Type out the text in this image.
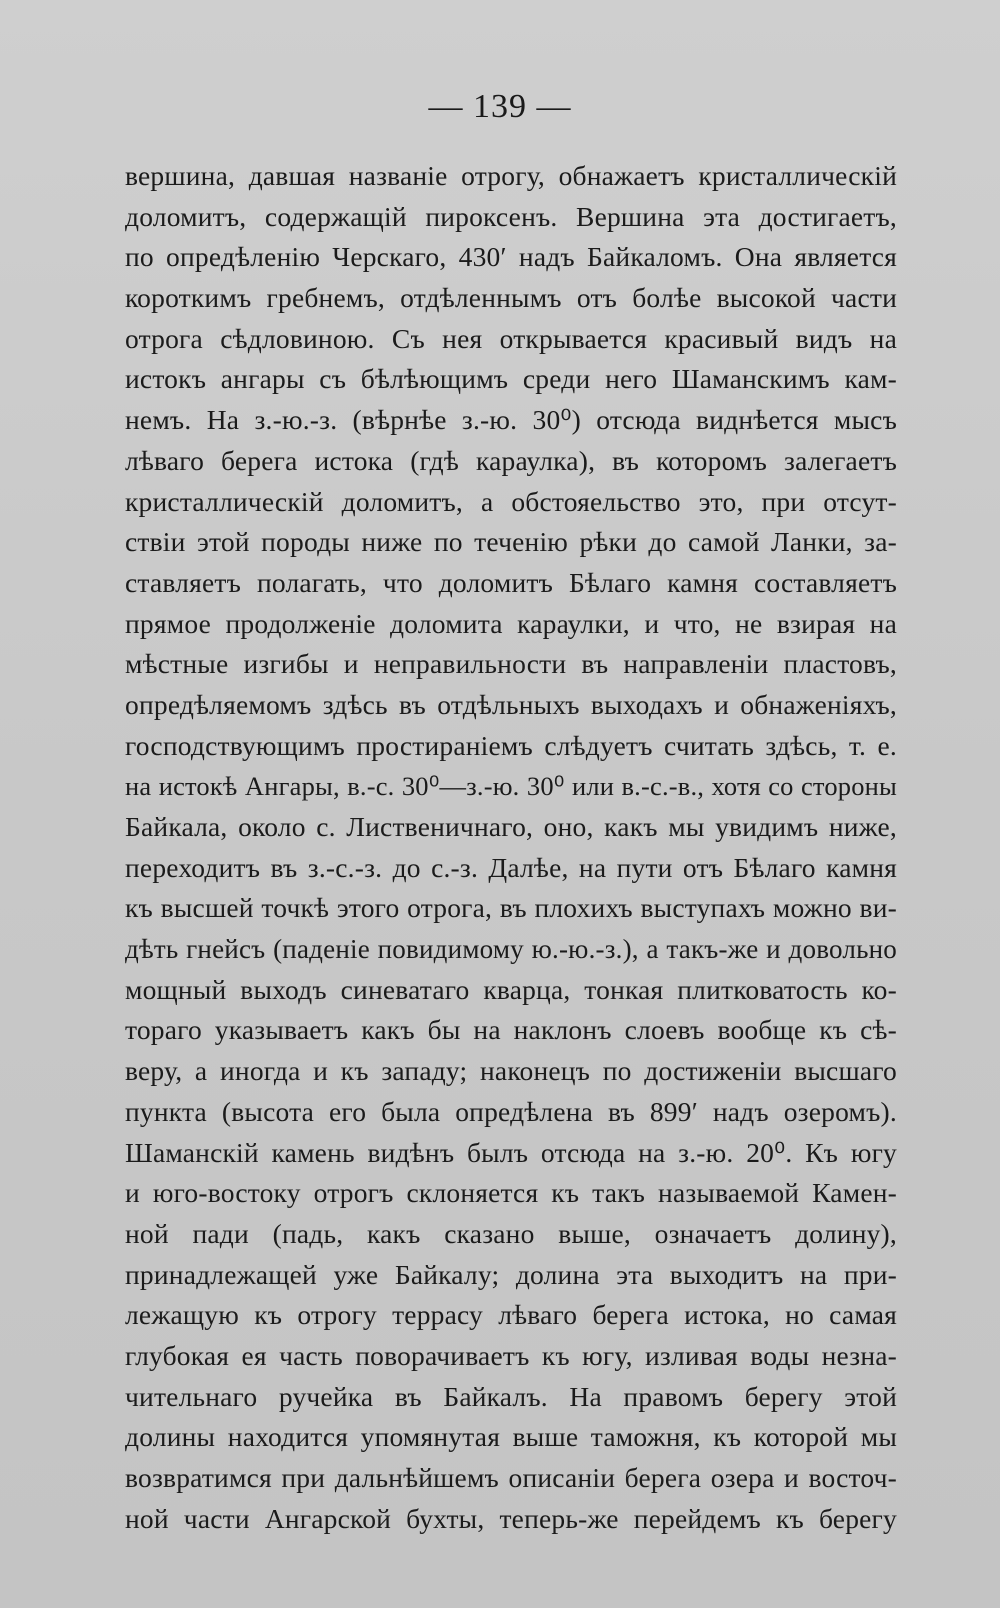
— 139 —
вершина, давшая названіе отрогу, обнажаетъ кристаллическій
доломитъ, содержащій пироксенъ. Вершина эта достигаетъ,
по опредѣленію Черскаго, 430′ надъ Байкаломъ. Она является
короткимъ гребнемъ, отдѣленнымъ отъ болѣе высокой части
отрога сѣдловиною. Съ нея открывается красивый видъ на
истокъ ангары съ бѣлѣющимъ среди него Шаманскимъ кам-
немъ. На з.-ю.-з. (вѣрнѣе з.-ю. 30⁰) отсюда виднѣется мысъ
лѣваго берега истока (гдѣ караулка), въ которомъ залегаетъ
кристаллическій доломитъ, а обстояельство это, при отсут-
ствіи этой породы ниже по теченію рѣки до самой Ланки, за-
ставляетъ полагать, что доломитъ Бѣлаго камня составляетъ
прямое продолженіе доломита караулки, и что, не взирая на
мѣстные изгибы и неправильности въ направленіи пластовъ,
опредѣляемомъ здѣсь въ отдѣльныхъ выходахъ и обнаженіяхъ,
господствующимъ простираніемъ слѣдуетъ считать здѣсь, т. е.
на истокѣ Ангары, в.-с. 30⁰—з.-ю. 30⁰ или в.-с.-в., хотя со стороны
Байкала, около с. Лиственичнаго, оно, какъ мы увидимъ ниже,
переходитъ въ з.-с.-з. до с.-з. Далѣе, на пути отъ Бѣлаго камня
къ высшей точкѣ этого отрога, въ плохихъ выступахъ можно ви-
дѣть гнейсъ (паденіе повидимому ю.-ю.-з.), а такъ-же и довольно
мощный выходъ синеватаго кварца, тонкая плитковатость ко-
тораго указываетъ какъ бы на наклонъ слоевъ вообще къ сѣ-
веру, а иногда и къ западу; наконецъ по достиженіи высшаго
пункта (высота его была опредѣлена въ 899′ надъ озеромъ).
Шаманскій камень видѣнъ былъ отсюда на з.-ю. 20⁰. Къ югу
и юго-востоку отрогъ склоняется къ такъ называемой Камен-
ной пади (падь, какъ сказано выше, означаетъ долину),
принадлежащей уже Байкалу; долина эта выходитъ на при-
лежащую къ отрогу террасу лѣваго берега истока, но самая
глубокая ея часть поворачиваетъ къ югу, изливая воды незна-
чительнаго ручейка въ Байкалъ. На правомъ берегу этой
долины находится упомянутая выше таможня, къ которой мы
возвратимся при дальнѣйшемъ описаніи берега озера и восточ-
ной части Ангарской бухты, теперь-же перейдемъ къ берегу
